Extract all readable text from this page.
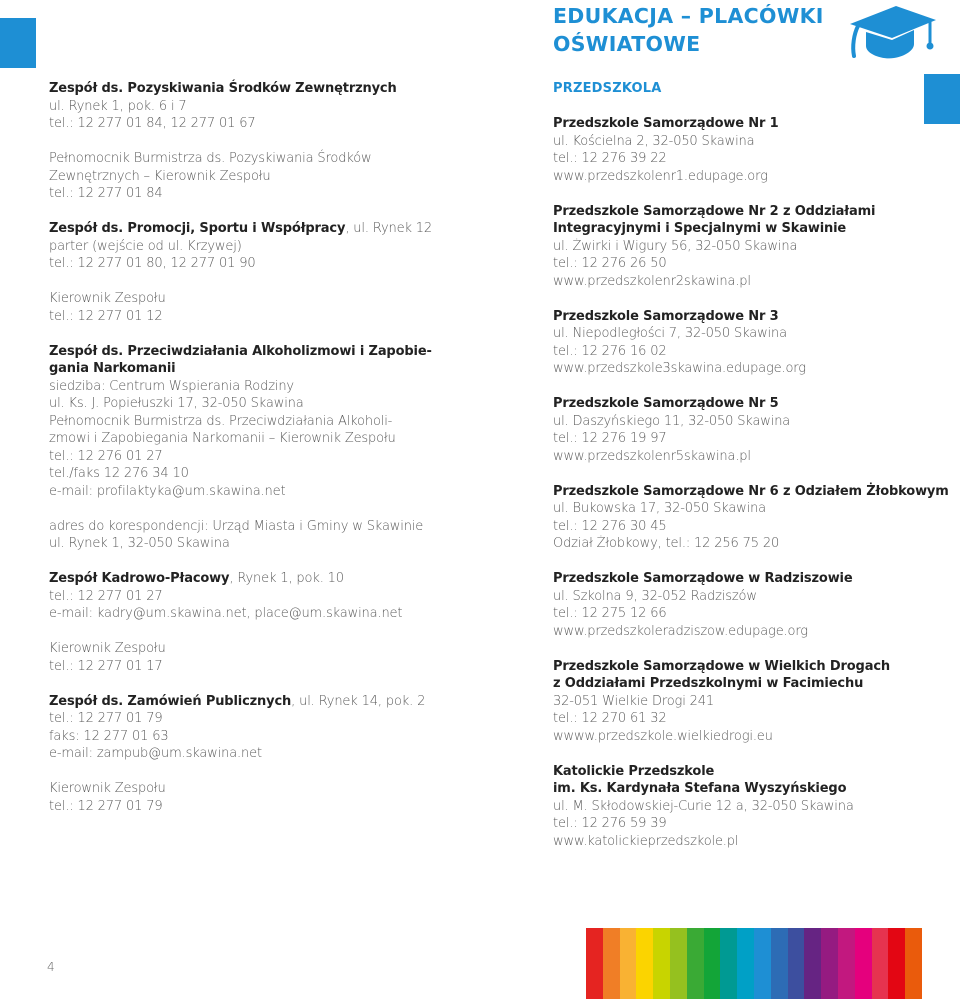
EDUKACJA – PLACÓWKI
OŚWIATOWE
Zespół ds. Pozyskiwania Środków Zewnętrznych
ul. Rynek 1, pok. 6 i 7
tel.: 12 277 01 84, 12 277 01 67
Pełnomocnik Burmistrza ds. Pozyskiwania Środków
Zewnętrznych – Kierownik Zespołu
tel.: 12 277 01 84
Zespół ds. Promocji, Sportu i Współpracy, ul. Rynek 12
parter (wejście od ul. Krzywej)
tel.: 12 277 01 80, 12 277 01 90
Kierownik Zespołu
tel.: 12 277 01 12
Zespół ds. Przeciwdziałania Alkoholizmowi i Zapobie-
gania Narkomanii
siedziba: Centrum Wspierania Rodziny
ul. Ks. J. Popiełuszki 17, 32-050 Skawina
Pełnomocnik Burmistrza ds. Przeciwdziałania Alkoholi-
zmowi i Zapobiegania Narkomanii – Kierownik Zespołu
tel.: 12 276 01 27
tel./faks 12 276 34 10
e-mail: profilaktyka@um.skawina.net
adres do korespondencji: Urząd Miasta i Gminy w Skawinie
ul. Rynek 1, 32-050 Skawina
Zespół Kadrowo-Płacowy, Rynek 1, pok. 10
tel.: 12 277 01 27
e-mail: kadry@um.skawina.net, place@um.skawina.net
Kierownik Zespołu
tel.: 12 277 01 17
Zespół ds. Zamówień Publicznych, ul. Rynek 14, pok. 2
tel.: 12 277 01 79
faks: 12 277 01 63
e-mail: zampub@um.skawina.net
Kierownik Zespołu
tel.: 12 277 01 79
PRZEDSZKOLA
Przedszkole Samorządowe Nr 1
ul. Kościelna 2, 32-050 Skawina
tel.: 12 276 39 22
www.przedszkolenr1.edupage.org
Przedszkole Samorządowe Nr 2 z Oddziałami
Integracyjnymi i Specjalnymi w Skawinie
ul. Żwirki i Wigury 56, 32-050 Skawina
tel.: 12 276 26 50
www.przedszkolenr2skawina.pl
Przedszkole Samorządowe Nr 3
ul. Niepodległości 7, 32-050 Skawina
tel.: 12 276 16 02
www.przedszkole3skawina.edupage.org
Przedszkole Samorządowe Nr 5
ul. Daszyńskiego 11, 32-050 Skawina
tel.: 12 276 19 97
www.przedszkolenr5skawina.pl
Przedszkole Samorządowe Nr 6 z Odziałem Żłobkowym
ul. Bukowska 17, 32-050 Skawina
tel.: 12 276 30 45
Odział Żłobkowy, tel.: 12 256 75 20
Przedszkole Samorządowe w Radziszowie
ul. Szkolna 9, 32-052 Radziszów
tel.: 12 275 12 66
www.przedszkoleradziszow.edupage.org
Przedszkole Samorządowe w Wielkich Drogach
z Oddziałami Przedszkolnymi w Facimiechu
32-051 Wielkie Drogi 241
tel.: 12 270 61 32
wwww.przedszkole.wielkiedrogi.eu
Katolickie Przedszkole
im. Ks. Kardynała Stefana Wyszyńskiego
ul. M. Skłodowskiej-Curie 12 a, 32-050 Skawina
tel.: 12 276 59 39
www.katolickieprzedszkole.pl
4
